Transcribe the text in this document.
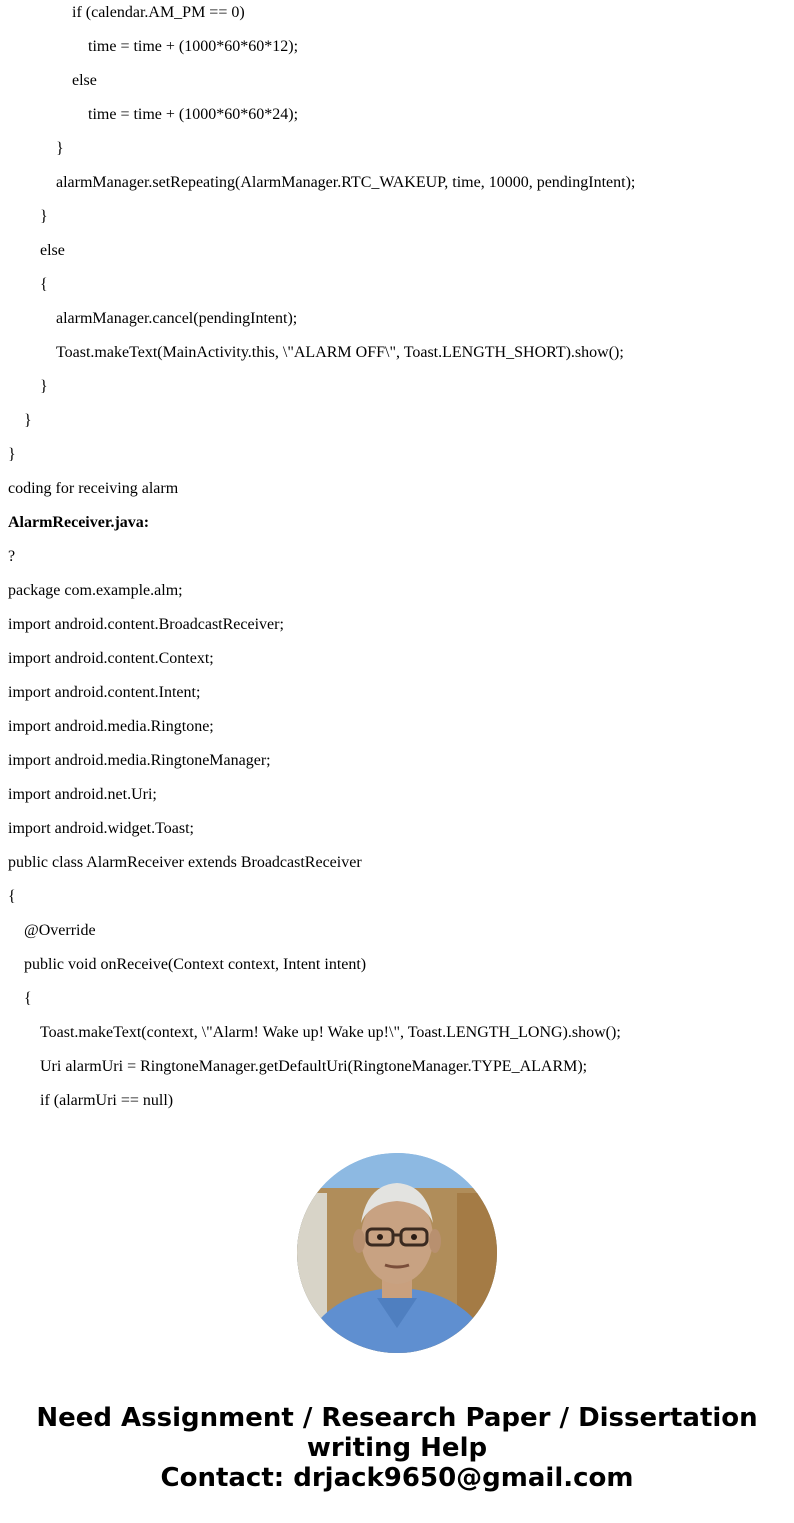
if (calendar.AM_PM == 0)
time = time + (1000*60*60*12);
else
time = time + (1000*60*60*24);
}
alarmManager.setRepeating(AlarmManager.RTC_WAKEUP, time, 10000, pendingIntent);
}
else
{
alarmManager.cancel(pendingIntent);
Toast.makeText(MainActivity.this, \"ALARM OFF\", Toast.LENGTH_SHORT).show();
}
}
}
coding for receiving alarm
AlarmReceiver.java:
?
package com.example.alm;
import android.content.BroadcastReceiver;
import android.content.Context;
import android.content.Intent;
import android.media.Ringtone;
import android.media.RingtoneManager;
import android.net.Uri;
import android.widget.Toast;
public class AlarmReceiver extends BroadcastReceiver
{
@Override
public void onReceive(Context context, Intent intent)
{
Toast.makeText(context, \"Alarm! Wake up! Wake up!\", Toast.LENGTH_LONG).show();
Uri alarmUri = RingtoneManager.getDefaultUri(RingtoneManager.TYPE_ALARM);
if (alarmUri == null)
Need Assignment / Research Paper / Dissertation
writing Help
Contact: drjack9650@gmail.com
